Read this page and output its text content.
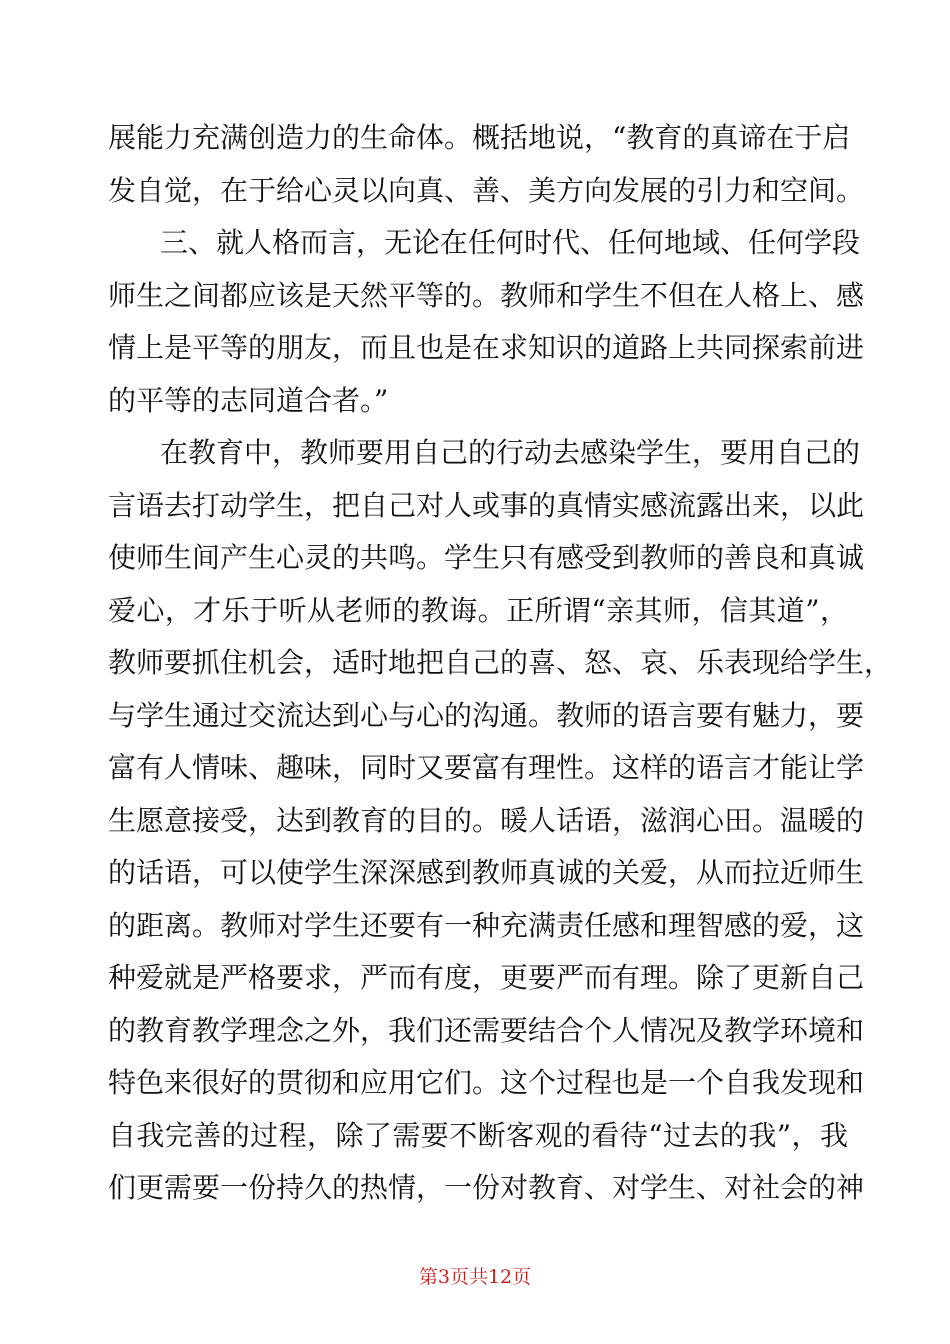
展能力充满创造力的生命体。概括地说，“教育的真谛在于启
发自觉，在于给心灵以向真、善、美方向发展的引力和空间。
三、就人格而言，无论在任何时代、任何地域、任何学段
师生之间都应该是天然平等的。教师和学生不但在人格上、感
情上是平等的朋友，而且也是在求知识的道路上共同探索前进
的平等的志同道合者。”
在教育中，教师要用自己的行动去感染学生，要用自己的
言语去打动学生，把自己对人或事的真情实感流露出来，以此
使师生间产生心灵的共鸣。学生只有感受到教师的善良和真诚
爱心，才乐于听从老师的教诲。正所谓“亲其师，信其道”，
教师要抓住机会，适时地把自己的喜、怒、哀、乐表现给学生，
与学生通过交流达到心与心的沟通。教师的语言要有魅力，要
富有人情味、趣味，同时又要富有理性。这样的语言才能让学
生愿意接受，达到教育的目的。暖人话语，滋润心田。温暖的
的话语，可以使学生深深感到教师真诚的关爱，从而拉近师生
的距离。教师对学生还要有一种充满责任感和理智感的爱，这
种爱就是严格要求，严而有度，更要严而有理。除了更新自己
的教育教学理念之外，我们还需要结合个人情况及教学环境和
特色来很好的贯彻和应用它们。这个过程也是一个自我发现和
自我完善的过程，除了需要不断客观的看待“过去的我”，我
们更需要一份持久的热情，一份对教育、对学生、对社会的神
第3页共12页
